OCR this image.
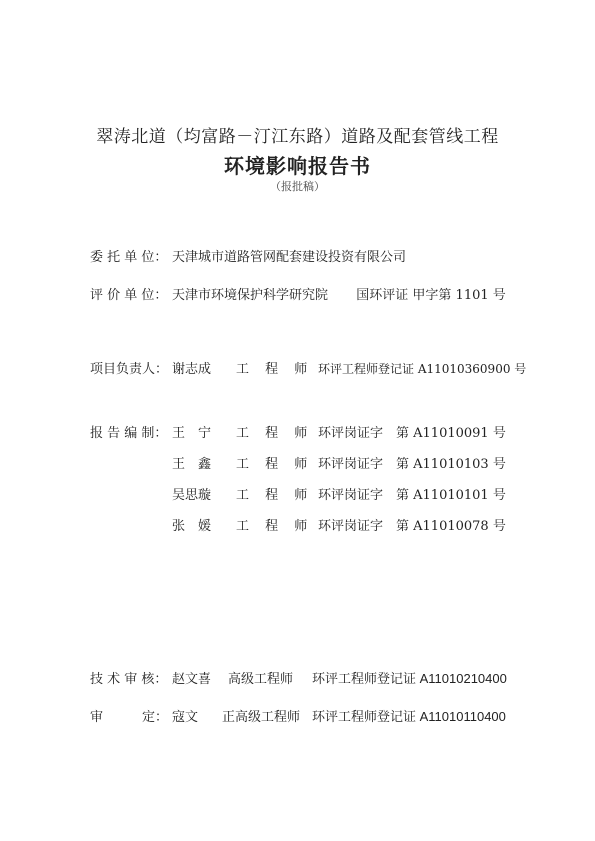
翠涛北道（均富路－汀江东路）道路及配套管线工程
环境影响报告书
（报批稿）
委 托 单 位： 天津城市道路管网配套建设投资有限公司
评 价 单 位： 天津市环境保护科学研究院 国环评证 甲字第 1101 号
项目负责人： 谢志成 工 程 师 环评工程师登记证 A11010360900 号
报 告 编 制： 王　宁 工 程 师 环评岗证字　第 A11010091 号
王　鑫 工 程 师 环评岗证字　第 A11010103 号
吴思璇 工 程 师 环评岗证字　第 A11010101 号
张　媛 工 程 师 环评岗证字　第 A11010078 号
技 术 审 核： 赵文喜 高级工程师 环评工程师登记证 A11010210400
审　　　定： 寇文 正高级工程师 环评工程师登记证 A11010110400
